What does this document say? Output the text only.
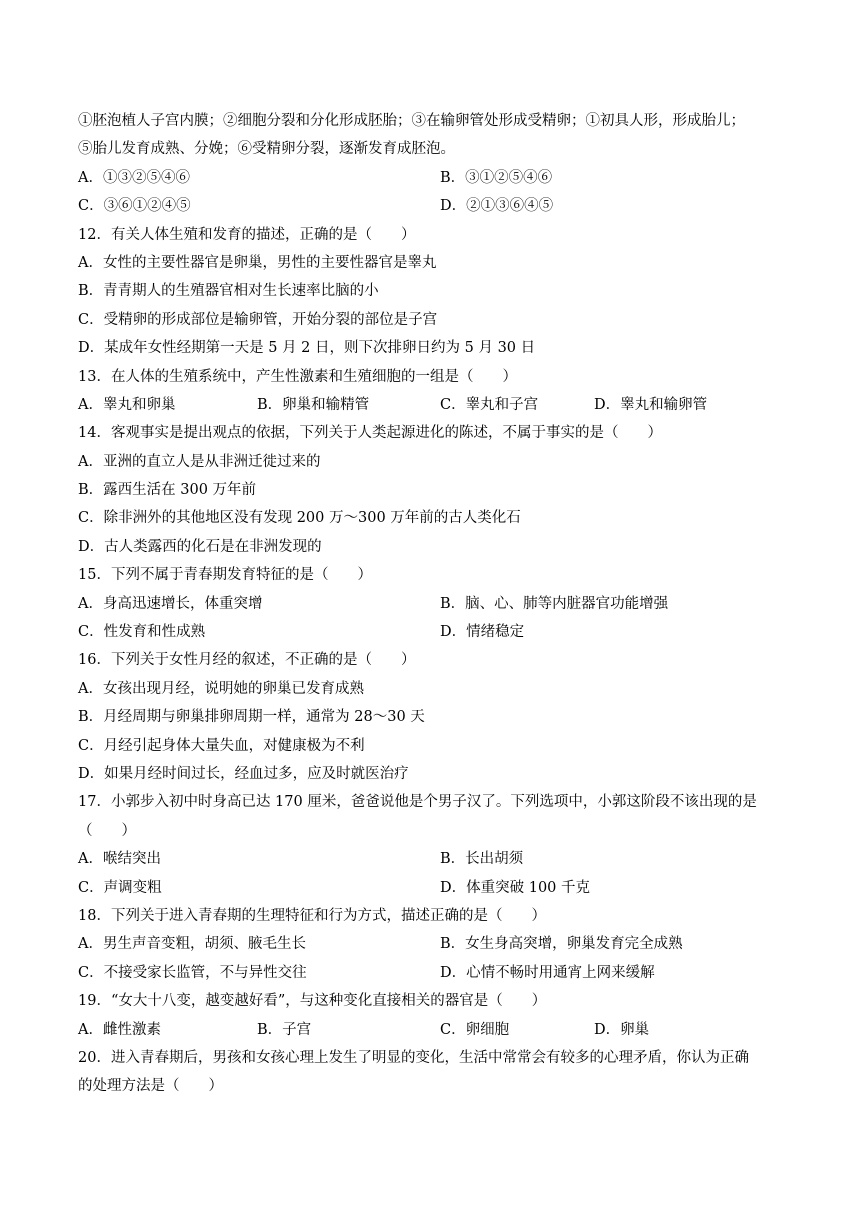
①胚泡植人子宫内膜；②细胞分裂和分化形成胚胎；③在输卵管处形成受精卵；①初具人形，形成胎儿；
⑤胎儿发育成熟、分娩；⑥受精卵分裂，逐渐发育成胚泡。
A．①③②⑤④⑥	B．③①②⑤④⑥
C．③⑥①②④⑤	D．②①③⑥④⑤
12．有关人体生殖和发育的描述，正确的是（　　）
A．女性的主要性器官是卵巢，男性的主要性器官是睾丸
B．青青期人的生殖器官相对生长速率比脑的小
C．受精卵的形成部位是输卵管，开始分裂的部位是子宫
D．某成年女性经期第一天是 5 月 2 日，则下次排卵日约为 5 月 30 日
13．在人体的生殖系统中，产生性激素和生殖细胞的一组是（　　）
A．睾丸和卵巢	B．卵巢和输精管	C．睾丸和子宫	D．睾丸和输卵管
14．客观事实是提出观点的依据，下列关于人类起源进化的陈述，不属于事实的是（　　）
A．亚洲的直立人是从非洲迁徙过来的
B．露西生活在 300 万年前
C．除非洲外的其他地区没有发现 200 万～300 万年前的古人类化石
D．古人类露西的化石是在非洲发现的
15．下列不属于青春期发育特征的是（　　）
A．身高迅速增长，体重突增	B．脑、心、肺等内脏器官功能增强
C．性发育和性成熟	D．情绪稳定
16．下列关于女性月经的叙述，不正确的是（　　）
A．女孩出现月经，说明她的卵巢已发育成熟
B．月经周期与卵巢排卵周期一样，通常为 28～30 天
C．月经引起身体大量失血，对健康极为不利
D．如果月经时间过长，经血过多，应及时就医治疗
17．小郭步入初中时身高已达 170 厘米，爸爸说他是个男子汉了。下列选项中，小郭这阶段不该出现的是
（　　）
A．喉结突出	B．长出胡须
C．声调变粗	D．体重突破 100 千克
18．下列关于进入青春期的生理特征和行为方式，描述正确的是（　　）
A．男生声音变粗，胡须、腋毛生长	B．女生身高突增，卵巢发育完全成熟
C．不接受家长监管，不与异性交往	D．心情不畅时用通宵上网来缓解
19．“女大十八变，越变越好看”，与这种变化直接相关的器官是（　　）
A．雌性激素	B．子宫	C．卵细胞	D．卵巢
20．进入青春期后，男孩和女孩心理上发生了明显的变化，生活中常常会有较多的心理矛盾，你认为正确
的处理方法是（　　）
